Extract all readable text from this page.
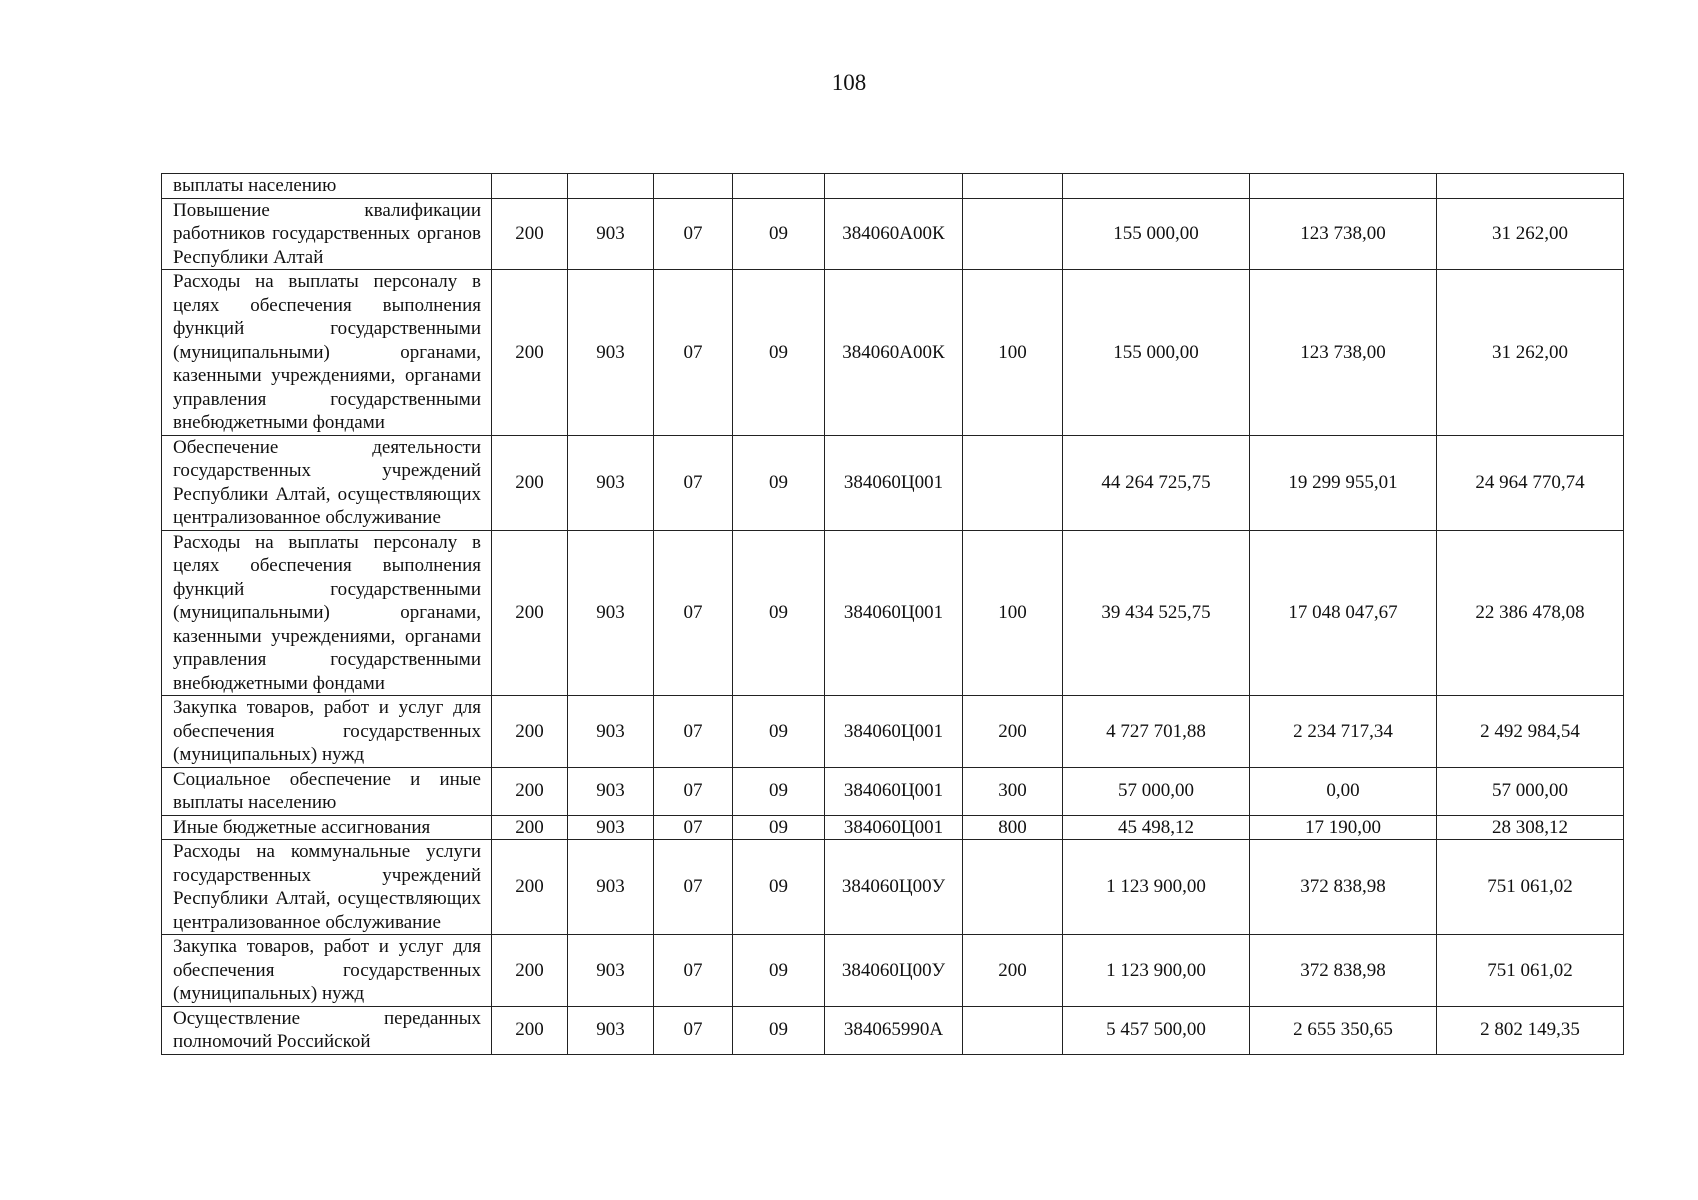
108
выплаты населению									
Повышение квалификации работников государственных органов Республики Алтай	200	903	07	09	384060А00К		155 000,00	123 738,00	31 262,00
Расходы на выплаты персоналу в целях обеспечения выполнения функций государственными (муниципальными) органами, казенными учреждениями, органами управления государственными внебюджетными фондами	200	903	07	09	384060А00К	100	155 000,00	123 738,00	31 262,00
Обеспечение деятельности государственных учреждений Республики Алтай, осуществляющих централизованное обслуживание	200	903	07	09	384060Ц001		44 264 725,75	19 299 955,01	24 964 770,74
Расходы на выплаты персоналу в целях обеспечения выполнения функций государственными (муниципальными) органами, казенными учреждениями, органами управления государственными внебюджетными фондами	200	903	07	09	384060Ц001	100	39 434 525,75	17 048 047,67	22 386 478,08
Закупка товаров, работ и услуг для обеспечения государственных (муниципальных) нужд	200	903	07	09	384060Ц001	200	4 727 701,88	2 234 717,34	2 492 984,54
Социальное обеспечение и иные выплаты населению	200	903	07	09	384060Ц001	300	57 000,00	0,00	57 000,00
Иные бюджетные ассигнования	200	903	07	09	384060Ц001	800	45 498,12	17 190,00	28 308,12
Расходы на коммунальные услуги государственных учреждений Республики Алтай, осуществляющих централизованное обслуживание	200	903	07	09	384060Ц00У		1 123 900,00	372 838,98	751 061,02
Закупка товаров, работ и услуг для обеспечения государственных (муниципальных) нужд	200	903	07	09	384060Ц00У	200	1 123 900,00	372 838,98	751 061,02
Осуществление переданных полномочий Российской	200	903	07	09	384065990А		5 457 500,00	2 655 350,65	2 802 149,35
